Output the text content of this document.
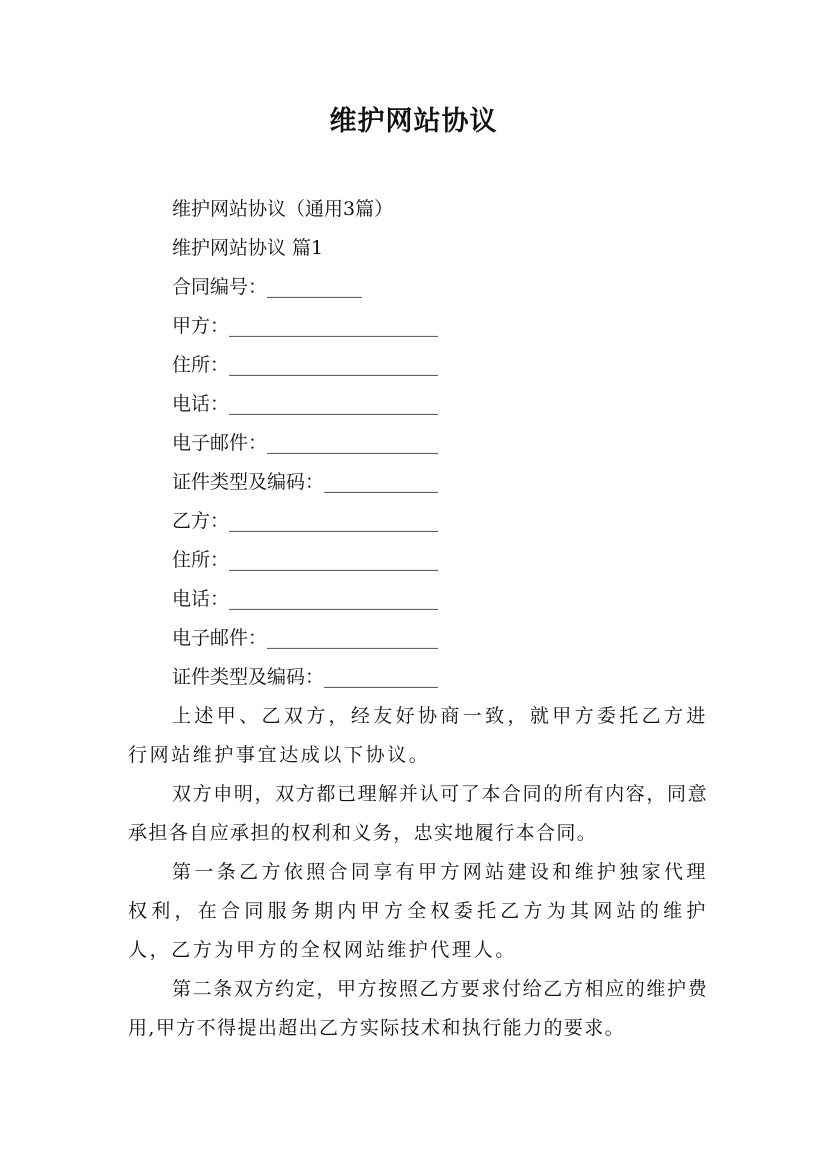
维护网站协议

维护网站协议（通用3篇）

维护网站协议 篇1

合同编号：__________

甲方：______________________

住所：______________________

电话：______________________

电子邮件：__________________

证件类型及编码：____________

乙方：______________________

住所：______________________

电话：______________________

电子邮件：__________________

证件类型及编码：____________

上述甲、乙双方，经友好协商一致，就甲方委托乙方进行网站维护事宜达成以下协议。

双方申明，双方都已理解并认可了本合同的所有内容，同意承担各自应承担的权利和义务，忠实地履行本合同。

第一条乙方依照合同享有甲方网站建设和维护独家代理权利，在合同服务期内甲方全权委托乙方为其网站的维护人，乙方为甲方的全权网站维护代理人。

第二条双方约定，甲方按照乙方要求付给乙方相应的维护费用,甲方不得提出超出乙方实际技术和执行能力的要求。
